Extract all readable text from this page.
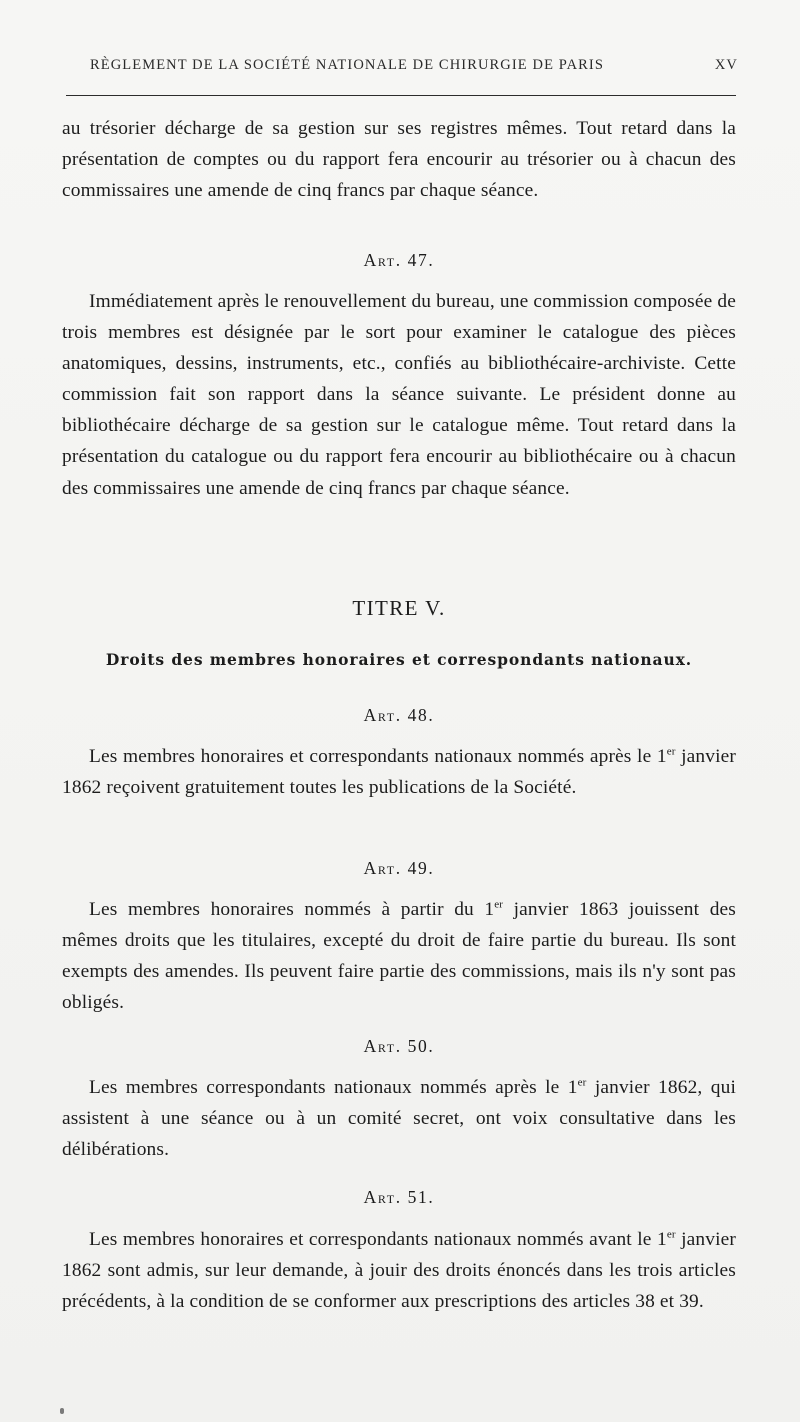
RÈGLEMENT DE LA SOCIÉTÉ NATIONALE DE CHIRURGIE DE PARIS	XV

au trésorier décharge de sa gestion sur ses registres mêmes. Tout retard dans la présentation de comptes ou du rapport fera encourir au trésorier ou à chacun des commissaires une amende de cinq francs par chaque séance.

Art. 47.

Immédiatement après le renouvellement du bureau, une commission composée de trois membres est désignée par le sort pour examiner le catalogue des pièces anatomiques, dessins, instruments, etc., confiés au bibliothécaire-archiviste. Cette commission fait son rapport dans la séance suivante. Le président donne au bibliothécaire décharge de sa gestion sur le catalogue même. Tout retard dans la présentation du catalogue ou du rapport fera encourir au bibliothécaire ou à chacun des commissaires une amende de cinq francs par chaque séance.

TITRE V.
Droits des membres honoraires et correspondants nationaux.
Art. 48.

Les membres honoraires et correspondants nationaux nommés après le 1er janvier 1862 reçoivent gratuitement toutes les publications de la Société.

Art. 49.

Les membres honoraires nommés à partir du 1er janvier 1863 jouissent des mêmes droits que les titulaires, excepté du droit de faire partie du bureau. Ils sont exempts des amendes. Ils peuvent faire partie des commissions, mais ils n'y sont pas obligés.

Art. 50.

Les membres correspondants nationaux nommés après le 1er janvier 1862, qui assistent à une séance ou à un comité secret, ont voix consultative dans les délibérations.

Art. 51.

Les membres honoraires et correspondants nationaux nommés avant le 1er janvier 1862 sont admis, sur leur demande, à jouir des droits énoncés dans les trois articles précédents, à la condition de se conformer aux prescriptions des articles 38 et 39.
